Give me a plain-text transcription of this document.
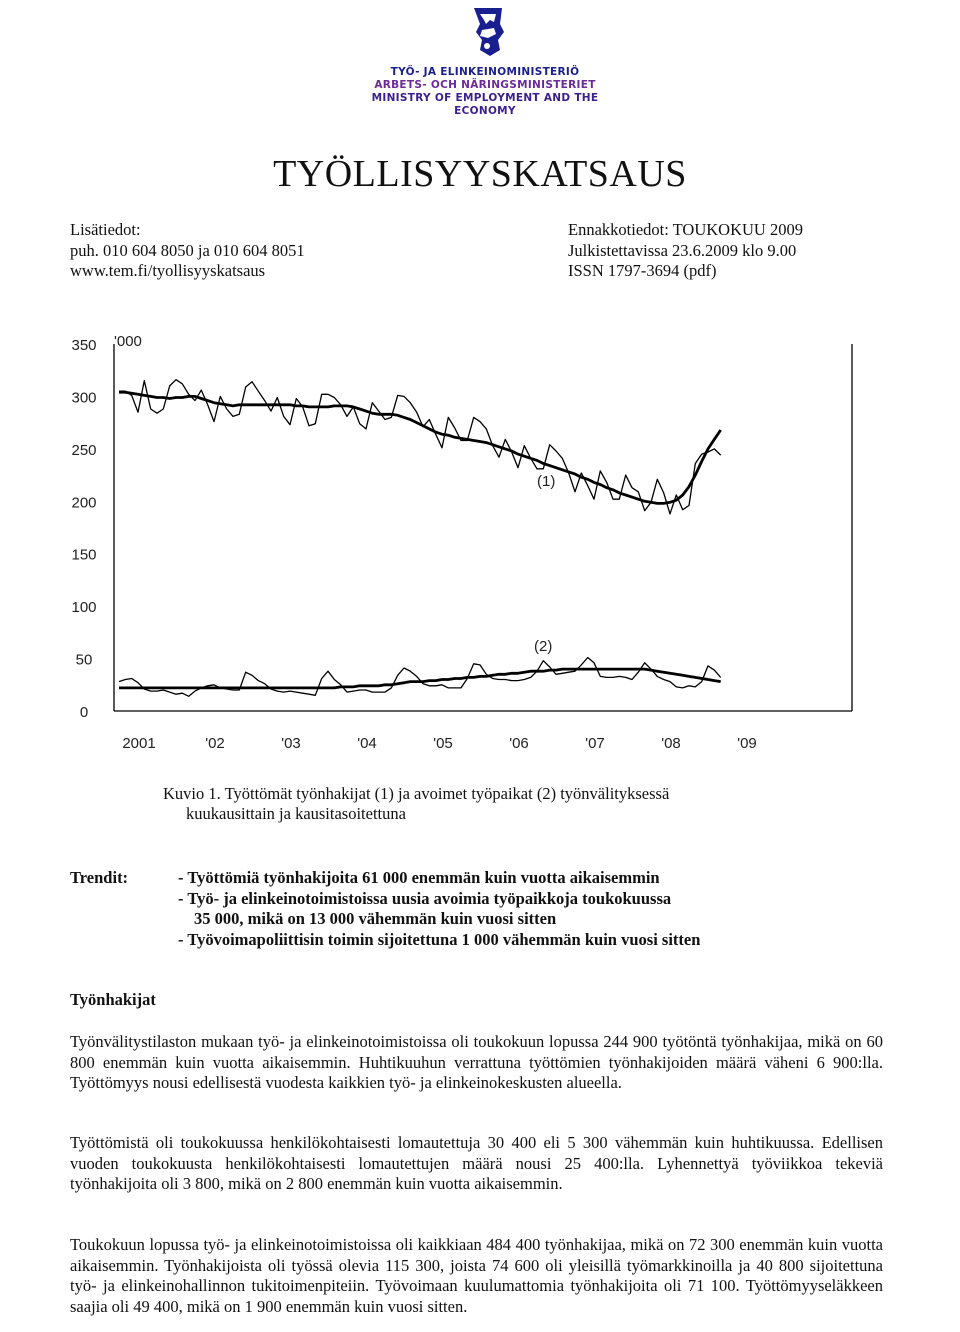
TYÖ- JA ELINKEINOMINISTERIÖ
ARBETS- OCH NÄRINGSMINISTERIET
MINISTRY OF EMPLOYMENT AND THE ECONOMY
TYÖLLISYYSKATSAUS
Lisätiedot:
puh. 010 604 8050 ja 010 604 8051
www.tem.fi/tyollisyyskatsaus
Ennakkotiedot: TOUKOKUU 2009
Julkistettavissa 23.6.2009 klo 9.00
ISSN 1797-3694 (pdf)
'000
(1)
(2)
350
300
250
200
150
100
50
0
2001	'02	'03	'04	'05	'06	'07	'08	'09
Kuvio 1. Työttömät työnhakijat (1) ja avoimet työpaikat (2) työnvälityksessä
kuukausittain ja kausitasoitettuna
Trendit:	- Työttömiä työnhakijoita 61 000 enemmän kuin vuotta aikaisemmin
- Työ- ja elinkeinotoimistoissa uusia avoimia työpaikkoja toukokuussa
35 000, mikä on 13 000 vähemmän kuin vuosi sitten
- Työvoimapoliittisin toimin sijoitettuna 1 000 vähemmän kuin vuosi sitten
Työnhakijat
Työnvälitystilaston mukaan työ- ja elinkeinotoimistoissa oli toukokuun lopussa 244 900 työtöntä työnhakijaa, mikä on 60 800 enemmän kuin vuotta aikaisemmin. Huhtikuuhun verrattuna työttömien työnhakijoiden määrä väheni 6 900:lla. Työttömyys nousi edellisestä vuodesta kaikkien työ- ja elinkeinokeskusten alueella.
Työttömistä oli toukokuussa henkilökohtaisesti lomautettuja 30 400 eli 5 300 vähemmän kuin huhtikuussa. Edellisen vuoden toukokuusta henkilökohtaisesti lomautettujen määrä nousi 25 400:lla. Lyhennettyä työviikkoa tekeviä työnhakijoita oli 3 800, mikä on 2 800 enemmän kuin vuotta aikaisemmin.
Toukokuun lopussa työ- ja elinkeinotoimistoissa oli kaikkiaan 484 400 työnhakijaa, mikä on 72 300 enemmän kuin vuotta aikaisemmin. Työnhakijoista oli työssä olevia 115 300, joista 74 600 oli yleisillä työmarkkinoilla ja 40 800 sijoitettuna työ- ja elinkeinohallinnon tukitoimenpiteiin. Työvoimaan kuulumattomia työnhakijoita oli 71 100. Työttömyyseläkkeen saajia oli 49 400, mikä on 1 900 enemmän kuin vuosi sitten.
